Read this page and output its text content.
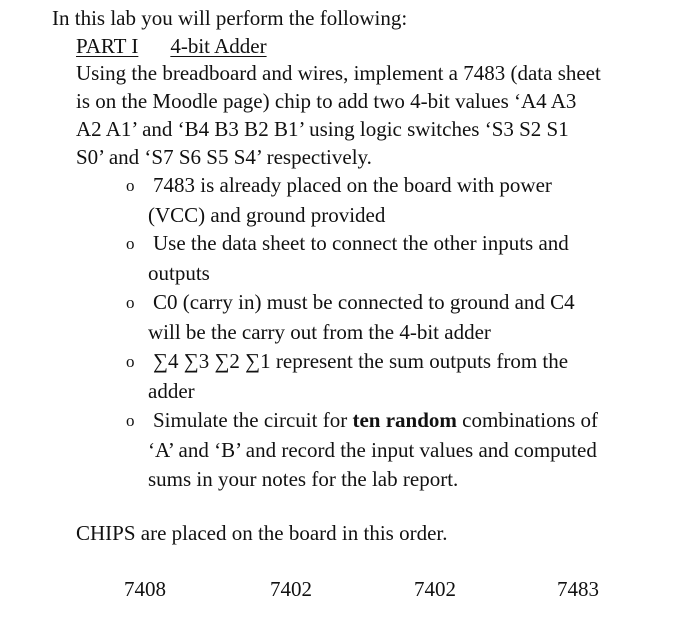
In this lab you will perform the following:
PART I 4-bit Adder
Using the breadboard and wires, implement a 7483 (data sheet
is on the Moodle page) chip to add two 4-bit values ‘A4 A3
A2 A1’ and ‘B4 B3 B2 B1’ using logic switches ‘S3 S2 S1
S0’ and ‘S7 S6 S5 S4’ respectively.
o 7483 is already placed on the board with power
(VCC) and ground provided
o Use the data sheet to connect the other inputs and
outputs
o C0 (carry in) must be connected to ground and C4
will be the carry out from the 4-bit adder
o ∑4 ∑3 ∑2 ∑1 represent the sum outputs from the
adder
o Simulate the circuit for ten random combinations of
‘A’ and ‘B’ and record the input values and computed
sums in your notes for the lab report.
CHIPS are placed on the board in this order.
7408	7402	7402	7483
